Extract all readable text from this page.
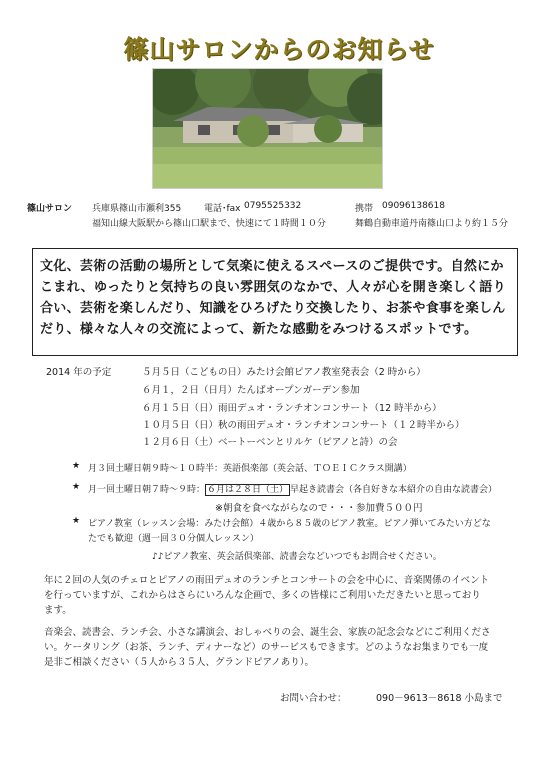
篠山サロンからのお知らせ
篠山サロン 兵庫県篠山市瀬利355	電話･fax 0795525332	携帯 09096138618
福知山線大阪駅から篠山口駅まで、快速にて１時間１０分	舞鶴自動車道丹南篠山口より約１５分
文化、芸術の活動の場所として気楽に使えるスペースのご提供です。自然にか
こまれ、ゆったりと気持ちの良い雰囲気のなかで、人々が心を開き楽しく語り
合い、芸術を楽しんだり、知識をひろげたり交換したり、お茶や食事を楽しん
だり、様々な人々の交流によって、新たな感動をみつけるスポットです。
2014 年の予定	５月５日（こどもの日）みたけ会館ピアノ教室発表会（2 時から）
６月１，２日（日月）たんばオープンガーデン参加
６月１５日（日）雨田デュオ・ランチオンコンサート（12 時半から）
１０月５日（日）秋の雨田デュオ・ランチオンコンサート（１２時半から）
１２月６日（土）ベートーベンとリルケ（ピアノと詩）の会
★ 月３回土曜日朝９時〜１０時半：英語倶楽部（英会話、ＴＯＥＩＣクラス開講）
★ 月一回土曜日朝７時〜９時： ６月は２８日（土） 早起き読書会（各自好きな本紹介の自由な読書会）
※朝食を食べながらなので・・・参加費５００円
★ ピアノ教室（レッスン会場：みたけ会館）４歳から８５歳のピアノ教室。ピアノ弾いてみたい方どな
たでも歓迎（週一回３０分個人レッスン）
♪♪ピアノ教室、英会話倶楽部、読書会などいつでもお問合せください。
年に２回の人気のチェロとピアノの雨田デュオのランチとコンサートの会を中心に、音楽関係のイベント
を行っていますが、これからはさらにいろんな企画で、多くの皆様にご利用いただきたいと思っており
ます。
音楽会、読書会、ランチ会、小さな講演会、おしゃべりの会、誕生会、家族の記念会などにご利用くださ
い。ケータリング（お茶、ランチ、ディナーなど）のサービスもできます。どのようなお集まりでも一度
是非ご相談ください（５人から３５人、グランドピアノあり）。
お問い合わせ：	090－9613－8618 小島まで
